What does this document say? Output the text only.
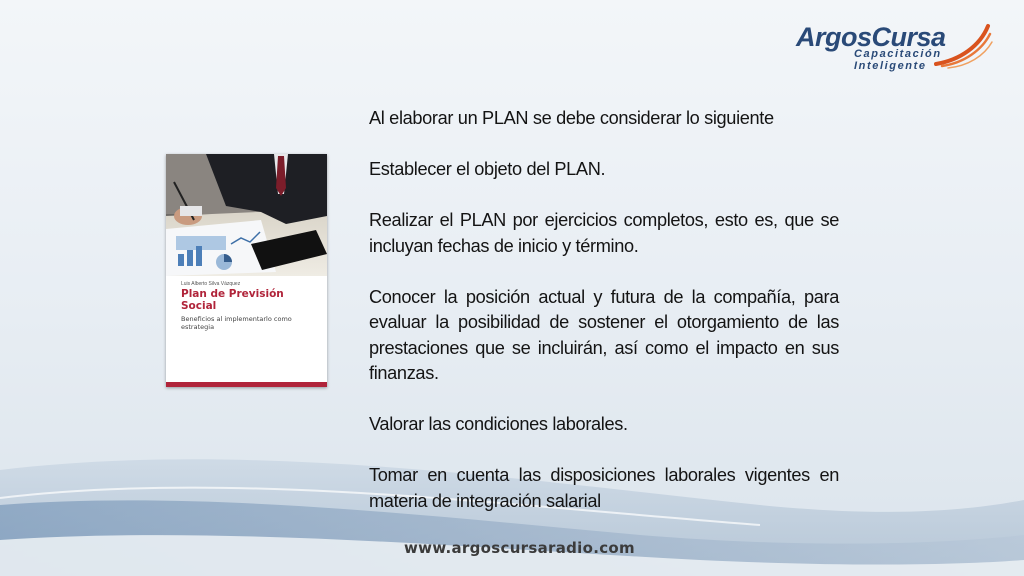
ArgosCursa
Capacitación
Inteligente
Luis Alberto Silva Vázquez
Plan de Previsión Social
Beneficios al implementarlo como estrategia

Al elaborar un PLAN se debe considerar lo siguiente

Establecer el objeto del PLAN.

Realizar el PLAN por ejercicios completos, esto es, que se incluyan fechas de inicio y término.

Conocer la posición actual y futura de la compañía, para evaluar la posibilidad de sostener el otorgamiento de las prestaciones que se incluirán, así como el impacto en sus finanzas.

Valorar las condiciones laborales.

Tomar en cuenta las disposiciones laborales vigentes en materia de integración salarial

www.argoscursaradio.com
